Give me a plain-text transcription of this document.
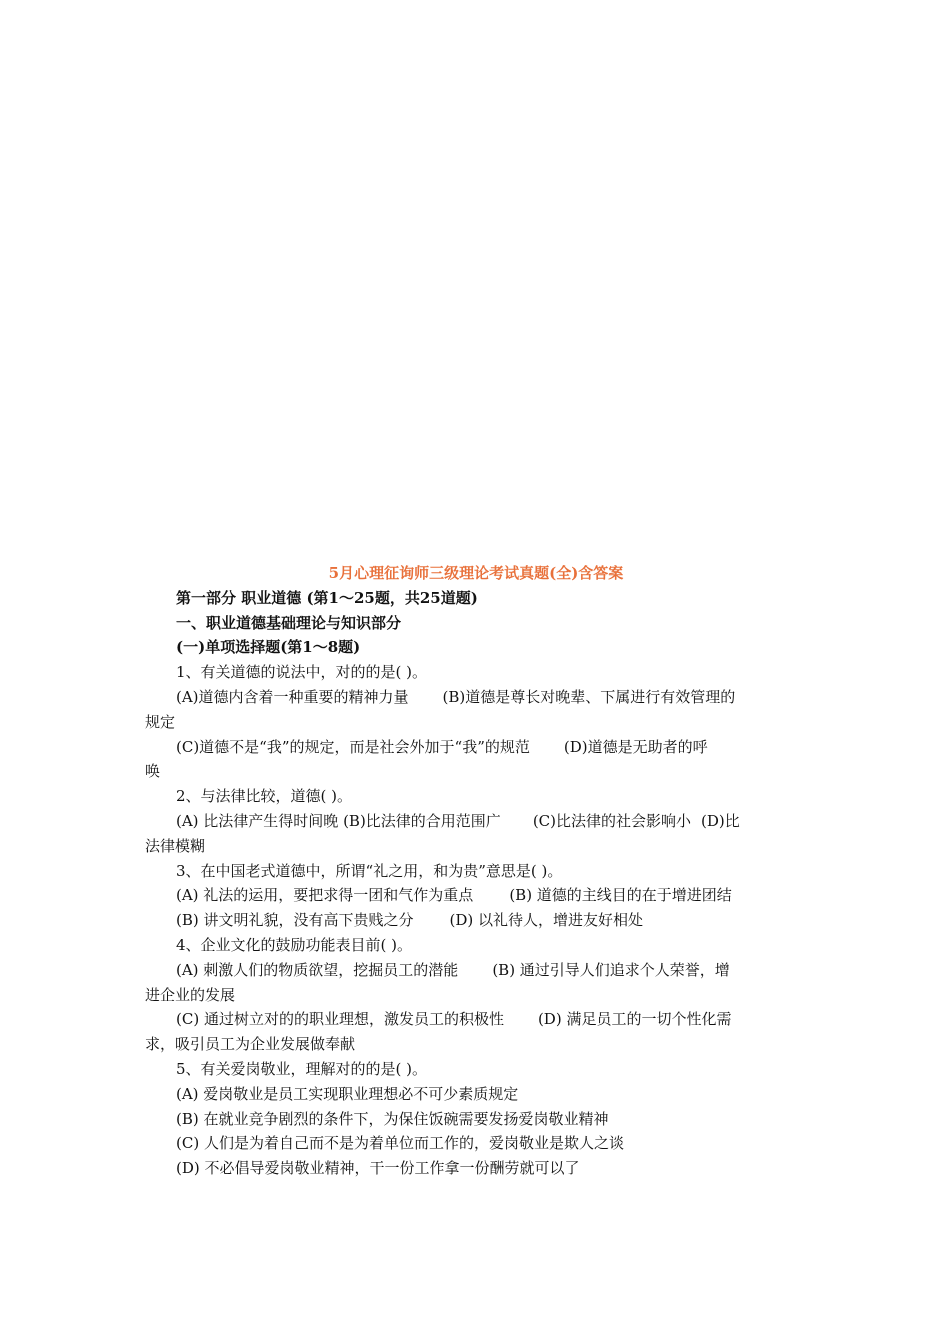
5月心理征询师三级理论考试真题(全)含答案

第一部分 职业道德 (第1～25题，共25道题)

一、职业道德基础理论与知识部分

(一)单项选择题(第1～8题)

1、有关道德的说法中，对的的是( )。

(A)道德内含着一种重要的精神力量 (B)道德是尊长对晚辈、下属进行有效管理的

规定

(C)道德不是“我”的规定，而是社会外加于“我”的规范 (D)道德是无助者的呼

唤

2、与法律比较，道德( )。

(A) 比法律产生得时间晚 (B)比法律的合用范围广 (C)比法律的社会影响小 (D)比

法律模糊

3、在中国老式道德中，所谓“礼之用，和为贵”意思是( )。

(A) 礼法的运用，要把求得一团和气作为重点 (B) 道德的主线目的在于增进团结

(B) 讲文明礼貌，没有高下贵贱之分 (D) 以礼待人，增进友好相处

4、企业文化的鼓励功能表目前( )。

(A) 刺激人们的物质欲望，挖掘员工的潜能 (B) 通过引导人们追求个人荣誉，增

进企业的发展

(C) 通过树立对的的职业理想，激发员工的积极性 (D) 满足员工的一切个性化需

求，吸引员工为企业发展做奉献

5、有关爱岗敬业，理解对的的是( )。

(A) 爱岗敬业是员工实现职业理想必不可少素质规定

(B) 在就业竞争剧烈的条件下，为保住饭碗需要发扬爱岗敬业精神

(C) 人们是为着自己而不是为着单位而工作的，爱岗敬业是欺人之谈

(D) 不必倡导爱岗敬业精神，干一份工作拿一份酬劳就可以了
